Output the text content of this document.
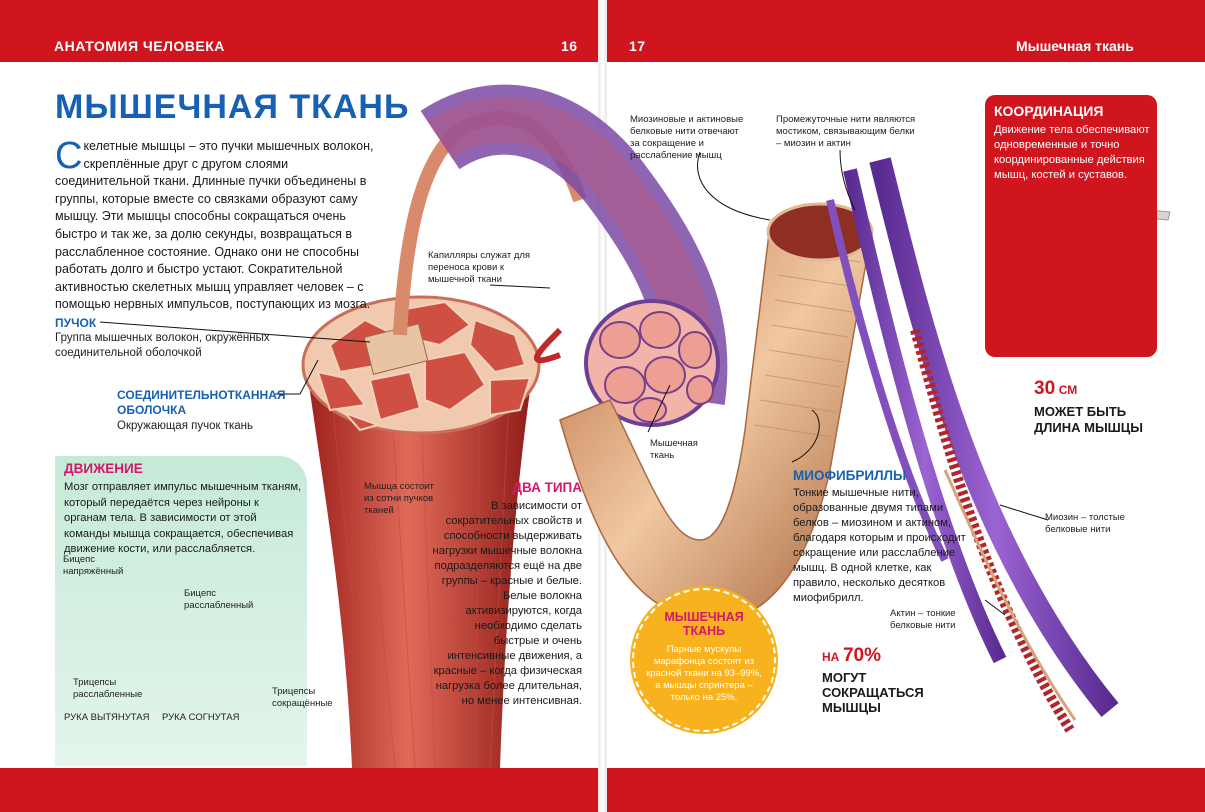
АНАТОМИЯ ЧЕЛОВЕКА	16	17	Мышечная ткань
МЫШЕЧНАЯ ТКАНЬ
Скелетные мышцы – это пучки мышечных волокон, скреплённые друг с другом слоями соединительной ткани. Длинные пучки объединены в группы, которые вместе со связками образуют саму мышцу. Эти мышцы способны сокращаться очень быстро и так же, за долю секунды, возвращаться в расслабленное состояние. Однако они не способны работать долго и быстро устают. Сократительной активностью скелетных мышц управляет человек – с помощью нервных импульсов, поступающих из мозга.
ПУЧОК
Группа мышечных волокон, окружённых соединительной оболочкой
СОЕДИНИТЕЛЬНОТКАННАЯ
ОБОЛОЧКА
Окружающая пучок ткань
Капилляры служат для переноса крови к мышечной ткани
Мышца состоит из сотни пучков тканей
Мышечная ткань
ДВИЖЕНИЕ
Мозг отправляет импульс мышечным тканям, который передаётся через нейроны к органам тела. В зависимости от этой команды мышца сокращается, обеспечивая движение кости, или расслабляется.
Бицепс напряжённый
Бицепс расслабленный
Трицепсы расслабленные	Трицепсы сокращённые
РУКА ВЫТЯНУТАЯ РУКА СОГНУТАЯ
ДВА ТИПА
В зависимости от сократительных свойств и способности выдерживать нагрузки мышечные волокна подразделяются ещё на две группы – красные и белые. Белые волокна активизируются, когда необходимо сделать быстрые и очень интенсивные движения, а красные – когда физическая нагрузка более длительная, но менее интенсивная.
Миозиновые и актиновые белковые нити отвечают за сокращение и расслабление мышц
Промежуточные нити являются мостиком, связывающим белки – миозин и актин
КООРДИНАЦИЯ
Движение тела обеспечивают одновременные и точно координированные действия мышц, костей и суставов.
30 СМ
МОЖЕТ БЫТЬ
ДЛИНА МЫШЦЫ
МИОФИБРИЛЛЫ
Тонкие мышечные нити, образованные двумя типами белков – миозином и актином, благодаря которым и происходит сокращение или расслабление мышц. В одной клетке, как правило, несколько десятков миофибрилл.
Миозин – толстые белковые нити
Актин – тонкие белковые нити
МЫШЕЧНАЯ
ТКАНЬ
Парные мускулы марафонца состоят из красной ткани на 93–99%, а мышцы спринтера – только на 25%.
НА 70%
МОГУТ
СОКРАЩАТЬСЯ
МЫШЦЫ
